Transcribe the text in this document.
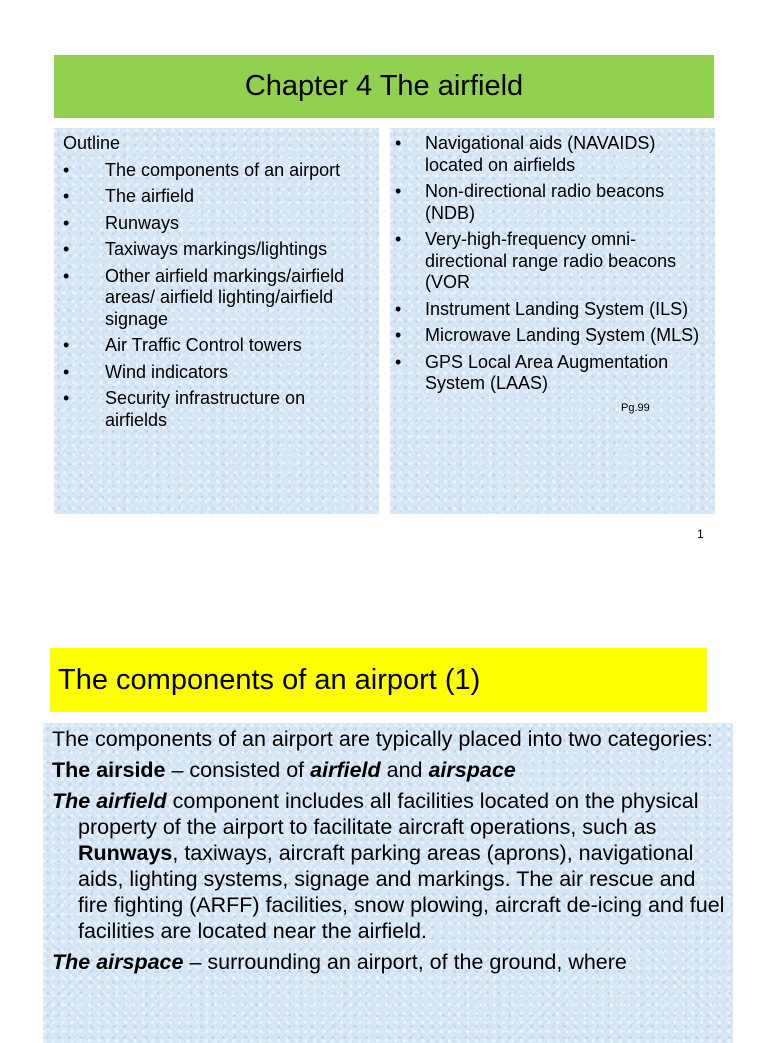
Chapter 4 The airfield
Outline
• The components of an airport
• The airfield
• Runways
• Taxiways markings/lightings
• Other airfield markings/airfield areas/ airfield lighting/airfield signage
• Air Traffic Control towers
• Wind indicators
• Security infrastructure on airfields
• Navigational aids (NAVAIDS) located on airfields
• Non-directional radio beacons (NDB)
• Very-high-frequency omni-directional range radio beacons (VOR
• Instrument Landing System (ILS)
• Microwave Landing System (MLS)
• GPS Local Area Augmentation System (LAAS)
Pg.99
1
The components of an airport (1)
The components of an airport are typically placed into two categories:
The airside – consisted of airfield and airspace
The airfield component includes all facilities located on the physical property of the airport to facilitate aircraft operations, such as Runways, taxiways, aircraft parking areas (aprons), navigational aids, lighting systems, signage and markings. The air rescue and fire fighting (ARFF) facilities, snow plowing, aircraft de-icing and fuel facilities are located near the airfield.
The airspace – surrounding an airport, of the ground, where
